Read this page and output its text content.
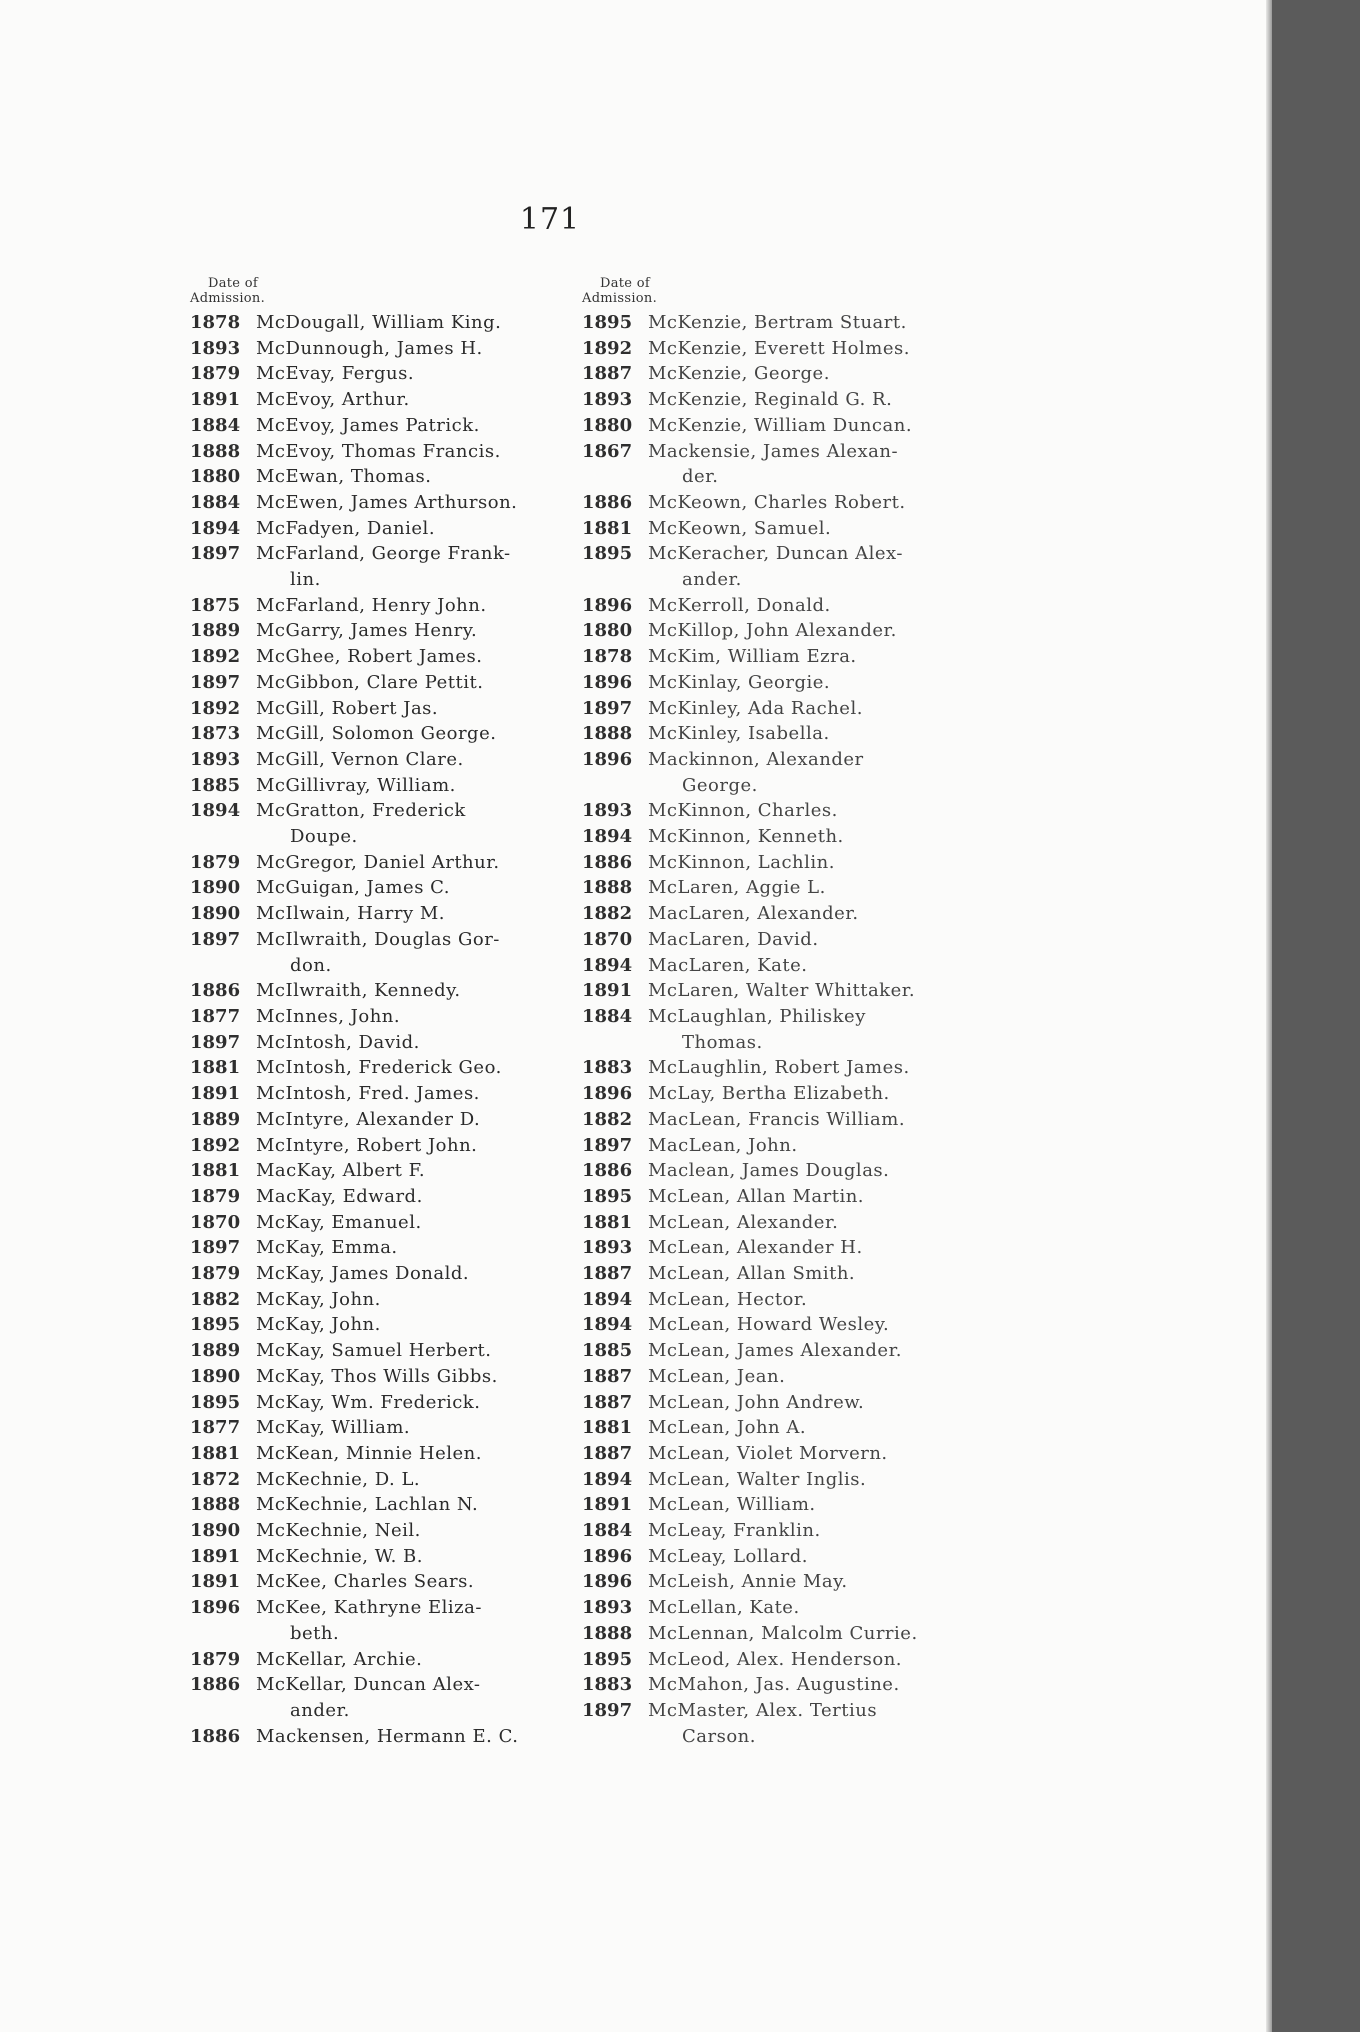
171
Date of
Admission.
1878 McDougall, William King.
1893 McDunnough, James H.
1879 McEvay, Fergus.
1891 McEvoy, Arthur.
1884 McEvoy, James Patrick.
1888 McEvoy, Thomas Francis.
1880 McEwan, Thomas.
1884 McEwen, James Arthurson.
1894 McFadyen, Daniel.
1897 McFarland, George Frank-
lin.
1875 McFarland, Henry John.
1889 McGarry, James Henry.
1892 McGhee, Robert James.
1897 McGibbon, Clare Pettit.
1892 McGill, Robert Jas.
1873 McGill, Solomon George.
1893 McGill, Vernon Clare.
1885 McGillivray, William.
1894 McGratton, Frederick
Doupe.
1879 McGregor, Daniel Arthur.
1890 McGuigan, James C.
1890 McIlwain, Harry M.
1897 McIlwraith, Douglas Gor-
don.
1886 McIlwraith, Kennedy.
1877 McInnes, John.
1897 McIntosh, David.
1881 McIntosh, Frederick Geo.
1891 McIntosh, Fred. James.
1889 McIntyre, Alexander D.
1892 McIntyre, Robert John.
1881 MacKay, Albert F.
1879 MacKay, Edward.
1870 McKay, Emanuel.
1897 McKay, Emma.
1879 McKay, James Donald.
1882 McKay, John.
1895 McKay, John.
1889 McKay, Samuel Herbert.
1890 McKay, Thos Wills Gibbs.
1895 McKay, Wm. Frederick.
1877 McKay, William.
1881 McKean, Minnie Helen.
1872 McKechnie, D. L.
1888 McKechnie, Lachlan N.
1890 McKechnie, Neil.
1891 McKechnie, W. B.
1891 McKee, Charles Sears.
1896 McKee, Kathryne Eliza-
beth.
1879 McKellar, Archie.
1886 McKellar, Duncan Alex-
ander.
1886 Mackensen, Hermann E. C.
Date of
Admission.
1895 McKenzie, Bertram Stuart.
1892 McKenzie, Everett Holmes.
1887 McKenzie, George.
1893 McKenzie, Reginald G. R.
1880 McKenzie, William Duncan.
1867 Mackensie, James Alexan-
der.
1886 McKeown, Charles Robert.
1881 McKeown, Samuel.
1895 McKeracher, Duncan Alex-
ander.
1896 McKerroll, Donald.
1880 McKillop, John Alexander.
1878 McKim, William Ezra.
1896 McKinlay, Georgie.
1897 McKinley, Ada Rachel.
1888 McKinley, Isabella.
1896 Mackinnon, Alexander
George.
1893 McKinnon, Charles.
1894 McKinnon, Kenneth.
1886 McKinnon, Lachlin.
1888 McLaren, Aggie L.
1882 MacLaren, Alexander.
1870 MacLaren, David.
1894 MacLaren, Kate.
1891 McLaren, Walter Whittaker.
1884 McLaughlan, Philiskey
Thomas.
1883 McLaughlin, Robert James.
1896 McLay, Bertha Elizabeth.
1882 MacLean, Francis William.
1897 MacLean, John.
1886 Maclean, James Douglas.
1895 McLean, Allan Martin.
1881 McLean, Alexander.
1893 McLean, Alexander H.
1887 McLean, Allan Smith.
1894 McLean, Hector.
1894 McLean, Howard Wesley.
1885 McLean, James Alexander.
1887 McLean, Jean.
1887 McLean, John Andrew.
1881 McLean, John A.
1887 McLean, Violet Morvern.
1894 McLean, Walter Inglis.
1891 McLean, William.
1884 McLeay, Franklin.
1896 McLeay, Lollard.
1896 McLeish, Annie May.
1893 McLellan, Kate.
1888 McLennan, Malcolm Currie.
1895 McLeod, Alex. Henderson.
1883 McMahon, Jas. Augustine.
1897 McMaster, Alex. Tertius
Carson.
